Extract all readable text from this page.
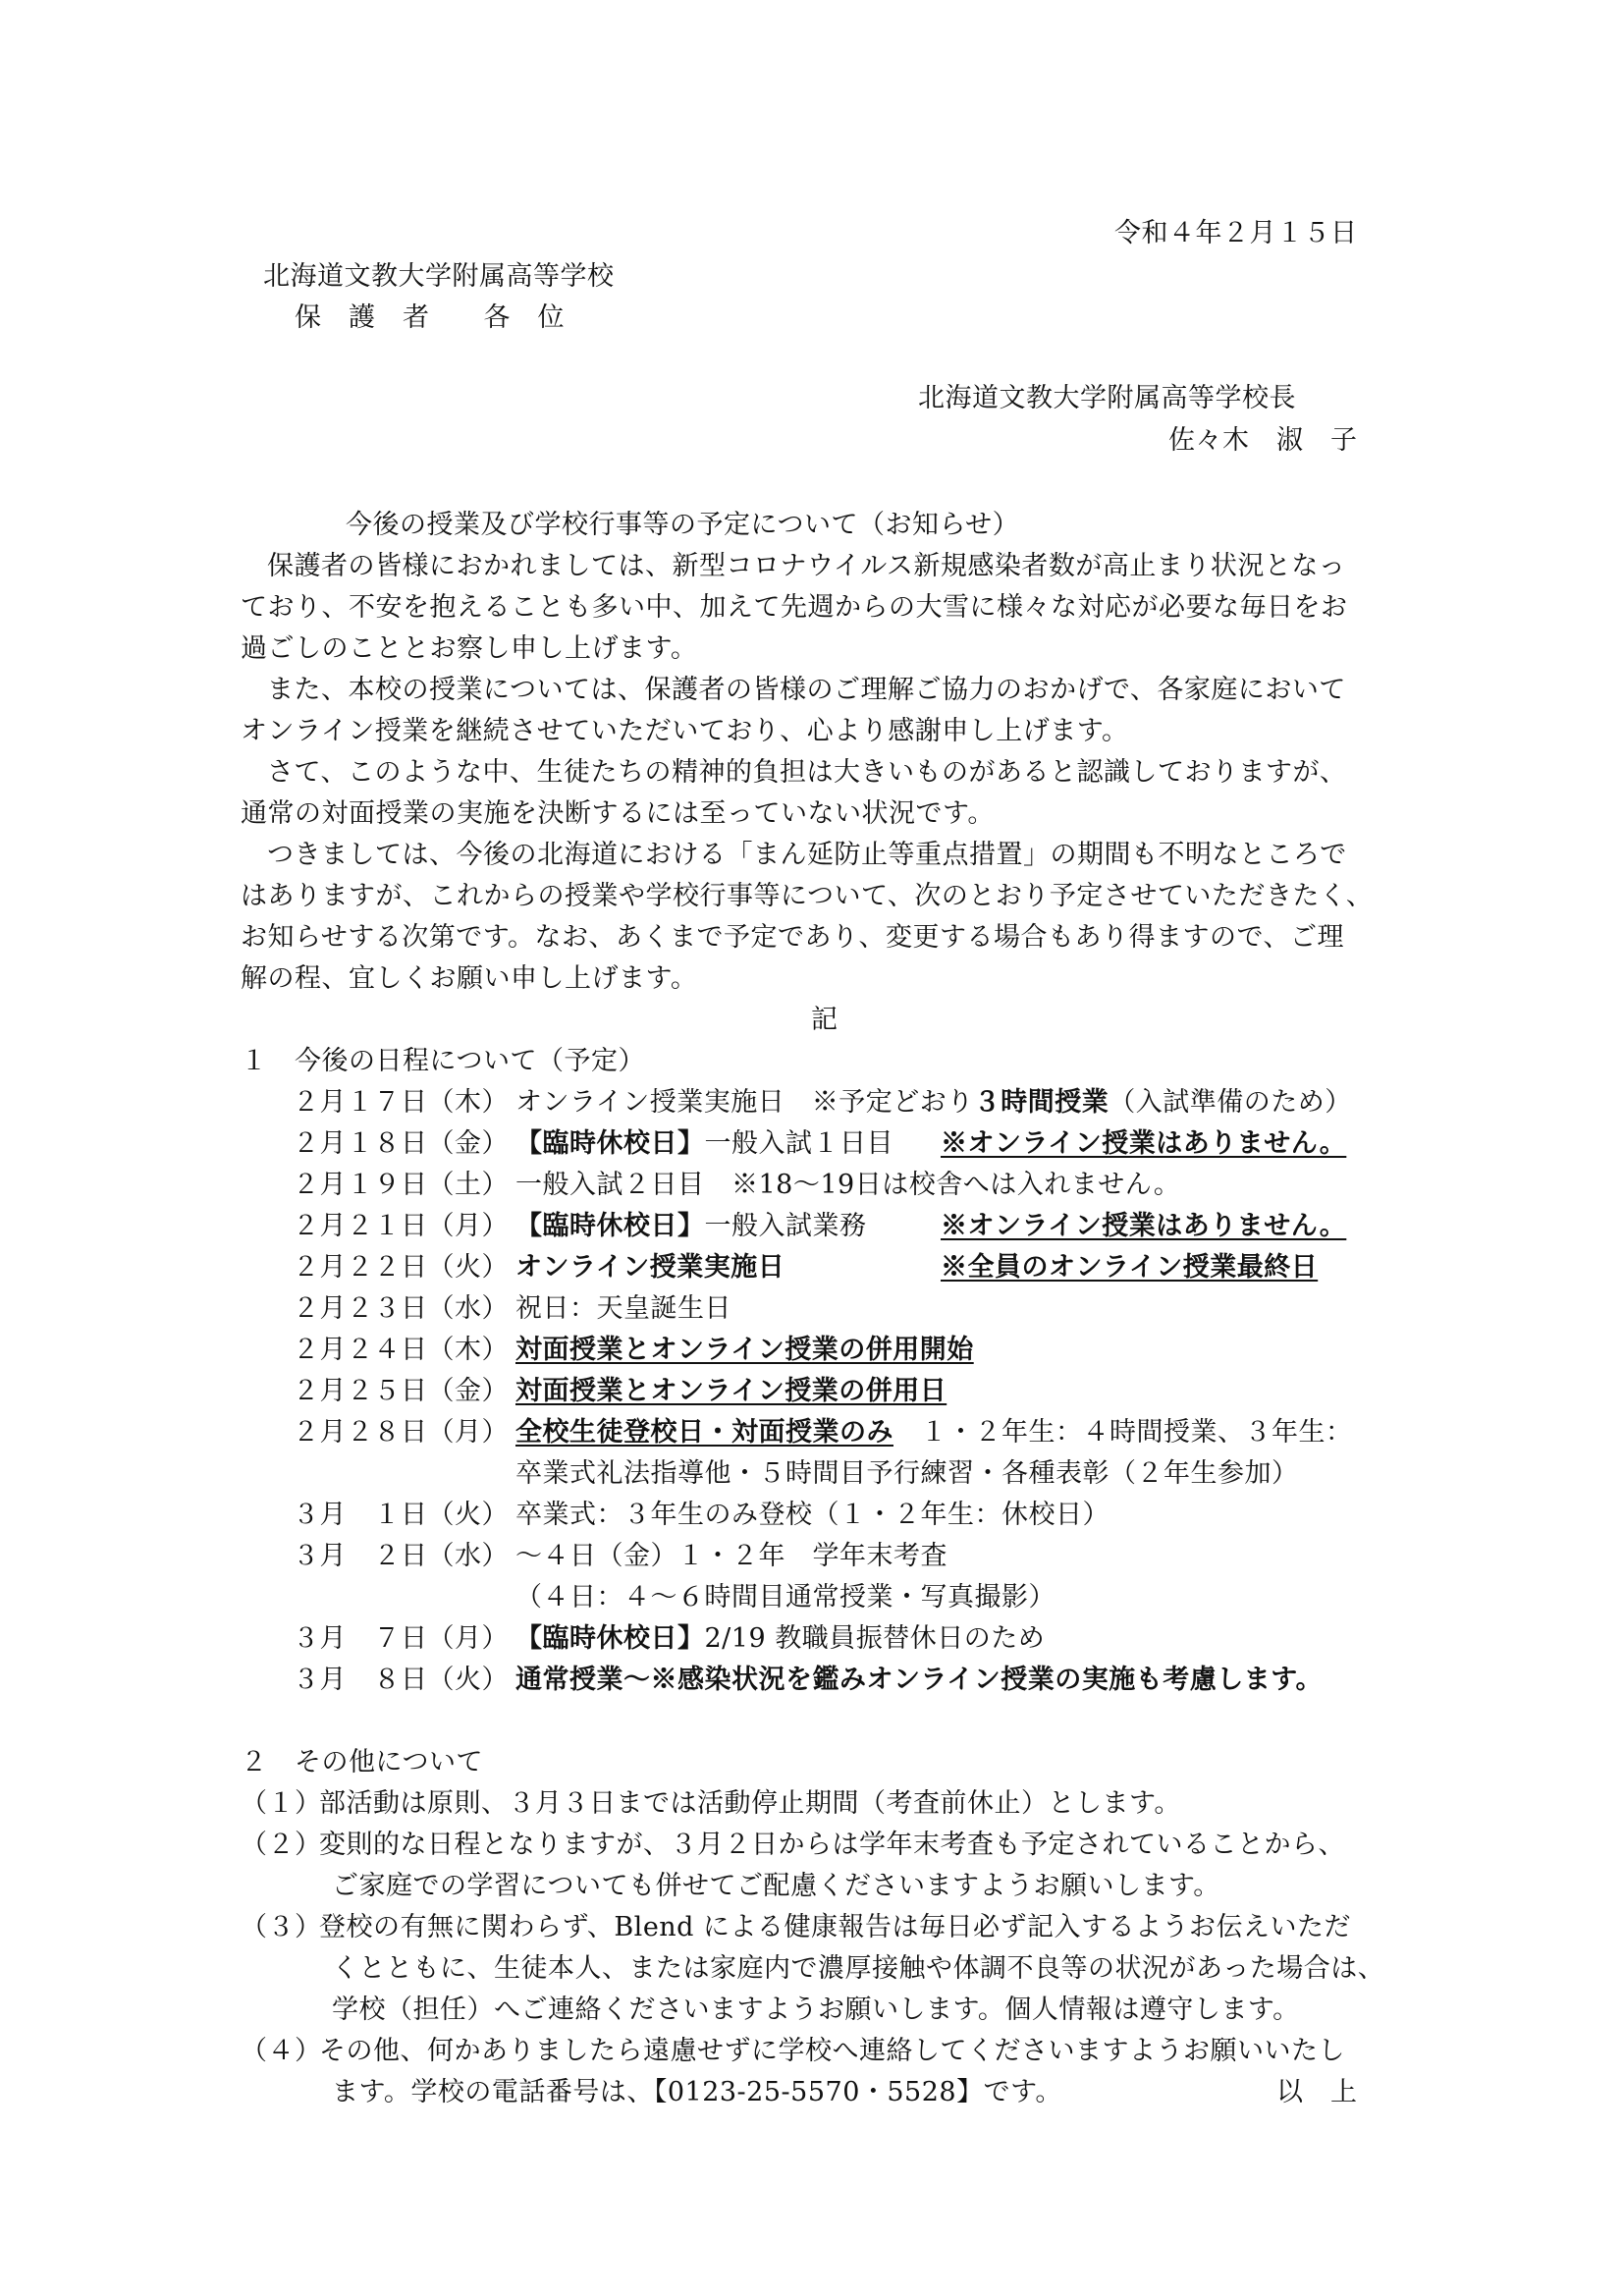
令和４年２月１５日
北海道文教大学附属高等学校
保　護　者　　各　位
北海道文教大学附属高等学校長
佐々木　淑　子
今後の授業及び学校行事等の予定について（お知らせ）
保護者の皆様におかれましては、新型コロナウイルス新規感染者数が高止まり状況となっ
ており、不安を抱えることも多い中、加えて先週からの大雪に様々な対応が必要な毎日をお
過ごしのこととお察し申し上げます。
また、本校の授業については、保護者の皆様のご理解ご協力のおかげで、各家庭において
オンライン授業を継続させていただいており、心より感謝申し上げます。
さて、このような中、生徒たちの精神的負担は大きいものがあると認識しておりますが、
通常の対面授業の実施を決断するには至っていない状況です。
つきましては、今後の北海道における「まん延防止等重点措置」の期間も不明なところで
はありますが、これからの授業や学校行事等について、次のとおり予定させていただきたく、
お知らせする次第です。なお、あくまで予定であり、変更する場合もあり得ますので、ご理
解の程、宜しくお願い申し上げます。
記
１　今後の日程について（予定）
２月１７日（木） オンライン授業実施日　※予定どおり３時間授業（入試準備のため）
２月１８日（金） 【臨時休校日】一般入試１日目 ※オンライン授業はありません。
２月１９日（土） 一般入試２日目　※18～19日は校舎へは入れません。
２月２１日（月） 【臨時休校日】一般入試業務	※オンライン授業はありません。
２月２２日（火） オンライン授業実施日	※全員のオンライン授業最終日
２月２３日（水） 祝日：天皇誕生日
２月２４日（木） 対面授業とオンライン授業の併用開始
２月２５日（金） 対面授業とオンライン授業の併用日
２月２８日（月） 全校生徒登校日・対面授業のみ　１・２年生：４時間授業、３年生：
卒業式礼法指導他・５時間目予行練習・各種表彰（２年生参加）
３月　１日（火） 卒業式：３年生のみ登校（１・２年生：休校日）
３月　２日（水） ～４日（金）１・２年　学年末考査
（４日：４～６時間目通常授業・写真撮影）
３月　７日（月） 【臨時休校日】2/19 教職員振替休日のため
３月　８日（火） 通常授業～※感染状況を鑑みオンライン授業の実施も考慮します。
２　その他について
（１）
部活動は原則、３月３日までは活動停止期間（考査前休止）とします。
（２）
変則的な日程となりますが、３月２日からは学年末考査も予定されていることから、
ご家庭での学習についても併せてご配慮くださいますようお願いします。
（３）
登校の有無に関わらず、Blend による健康報告は毎日必ず記入するようお伝えいただ
くとともに、生徒本人、または家庭内で濃厚接触や体調不良等の状況があった場合は、
学校（担任）へご連絡くださいますようお願いします。個人情報は遵守します。
（４）
その他、何かありましたら遠慮せずに学校へ連絡してくださいますようお願いいたし
ます。学校の電話番号は、【0123-25-5570・5528】です。	以　上
